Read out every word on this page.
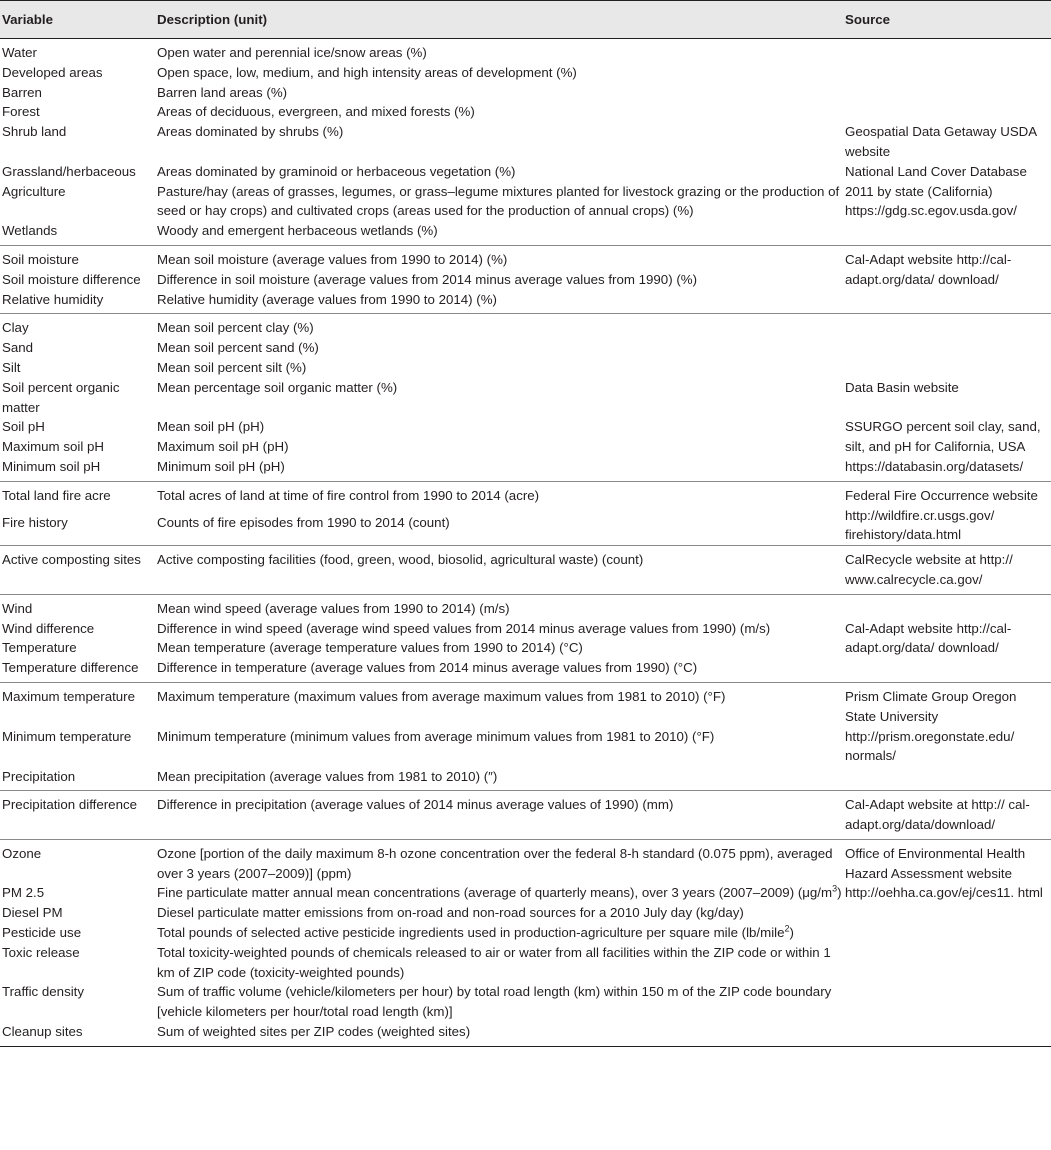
Variable	Description (unit)	Source
Water	Open water and perennial ice/snow areas (%)	
Developed areas	Open space, low, medium, and high intensity areas of development (%)	
Barren	Barren land areas (%)	
Forest	Areas of deciduous, evergreen, and mixed forests (%)	
Shrub land	Areas dominated by shrubs (%)	Geospatial Data Getaway USDA website
Grassland/herbaceous	Areas dominated by graminoid or herbaceous vegetation (%)	National Land Cover Database 2011 by state (California) https://gdg.sc.egov.usda.gov/
Agriculture	Pasture/hay (areas of grasses, legumes, or grass–legume mixtures planted for livestock grazing or the production of seed or hay crops) and cultivated crops (areas used for the production of annual crops) (%)	
Wetlands	Woody and emergent herbaceous wetlands (%)	
Soil moisture	Mean soil moisture (average values from 1990 to 2014) (%)	Cal-Adapt website http://cal-adapt.org/data/ download/
Soil moisture difference	Difference in soil moisture (average values from 2014 minus average values from 1990) (%)	
Relative humidity	Relative humidity (average values from 1990 to 2014) (%)	
Clay	Mean soil percent clay (%)	
Sand	Mean soil percent sand (%)	
Silt	Mean soil percent silt (%)	
Soil percent organic matter	Mean percentage soil organic matter (%)	Data Basin website
Soil pH	Mean soil pH (pH)	SSURGO percent soil clay, sand, silt, and pH for California, USA https://databasin.org/datasets/
Maximum soil pH	Maximum soil pH (pH)	
Minimum soil pH	Minimum soil pH (pH)	
Total land fire acre	Total acres of land at time of fire control from 1990 to 2014 (acre)	Federal Fire Occurrence website http://wildfire.cr.usgs.gov/ firehistory/data.html
Fire history	Counts of fire episodes from 1990 to 2014 (count)	
Active composting sites	Active composting facilities (food, green, wood, biosolid, agricultural waste) (count)	CalRecycle website at http:// www.calrecycle.ca.gov/
Wind	Mean wind speed (average values from 1990 to 2014) (m/s)	
Wind difference	Difference in wind speed (average wind speed values from 2014 minus average values from 1990) (m/s)	Cal-Adapt website http://cal-adapt.org/data/ download/
Temperature	Mean temperature (average temperature values from 1990 to 2014) (°C)	
Temperature difference	Difference in temperature (average values from 2014 minus average values from 1990) (°C)	
Maximum temperature	Maximum temperature (maximum values from average maximum values from 1981 to 2010) (°F)	Prism Climate Group Oregon State University http://prism.oregonstate.edu/ normals/
Minimum temperature	Minimum temperature (minimum values from average minimum values from 1981 to 2010) (°F)	
Precipitation	Mean precipitation (average values from 1981 to 2010) (″)	
Precipitation difference	Difference in precipitation (average values of 2014 minus average values of 1990) (mm)	Cal-Adapt website at http:// cal-adapt.org/data/download/
Ozone	Ozone [portion of the daily maximum 8-h ozone concentration over the federal 8-h standard (0.075 ppm), averaged over 3 years (2007–2009)] (ppm)	Office of Environmental Health Hazard Assessment website http://oehha.ca.gov/ej/ces11. html
PM 2.5	Fine particulate matter annual mean concentrations (average of quarterly means), over 3 years (2007–2009) $(\mu g/m^3)$	
Diesel PM	Diesel particulate matter emissions from on-road and non-road sources for a 2010 July day (kg/day)	
Pesticide use	Total pounds of selected active pesticide ingredients used in production-agriculture per square mile (lb/mile$^2$)	
Toxic release	Total toxicity-weighted pounds of chemicals released to air or water from all facilities within the ZIP code or within 1 km of ZIP code (toxicity-weighted pounds)	
Traffic density	Sum of traffic volume (vehicle/kilometers per hour) by total road length (km) within 150 m of the ZIP code boundary [vehicle kilometers per hour/total road length (km)]	
Cleanup sites	Sum of weighted sites per ZIP codes (weighted sites)	
